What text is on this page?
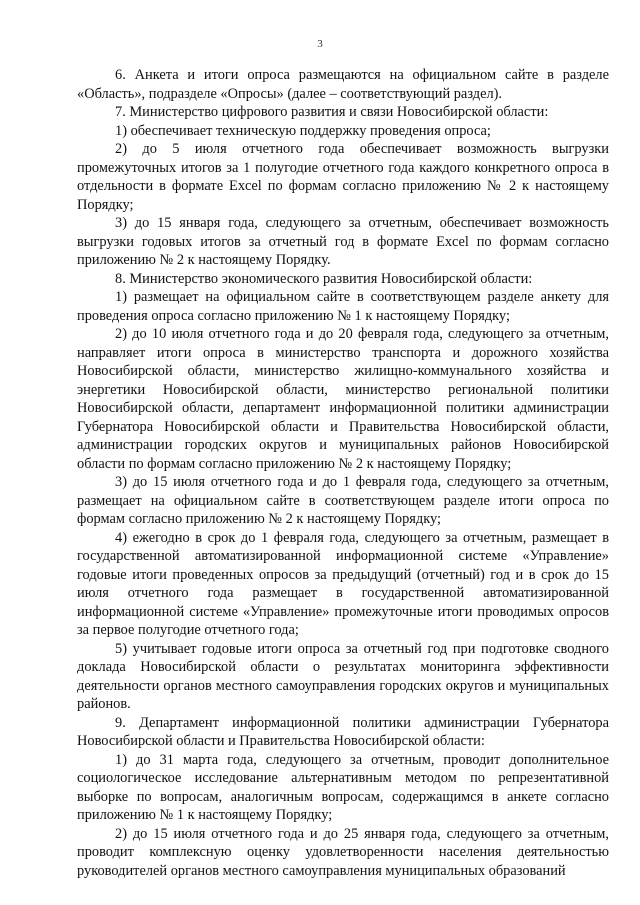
3

6. Анкета и итоги опроса размещаются на официальном сайте в разделе «Область», подразделе «Опросы» (далее – соответствующий раздел).

7. Министерство цифрового развития и связи Новосибирской области:

1) обеспечивает техническую поддержку проведения опроса;

2) до 5 июля отчетного года обеспечивает возможность выгрузки промежуточных итогов за 1 полугодие отчетного года каждого конкретного опроса в отдельности в формате Excel по формам согласно приложению № 2 к настоящему Порядку;

3) до 15 января года, следующего за отчетным, обеспечивает возможность выгрузки годовых итогов за отчетный год в формате Excel по формам согласно приложению № 2 к настоящему Порядку.

8. Министерство экономического развития Новосибирской области:

1) размещает на официальном сайте в соответствующем разделе анкету для проведения опроса согласно приложению № 1 к настоящему Порядку;

2) до 10 июля отчетного года и до 20 февраля года, следующего за отчетным, направляет итоги опроса в министерство транспорта и дорожного хозяйства Новосибирской области, министерство жилищно-коммунального хозяйства и энергетики Новосибирской области, министерство региональной политики Новосибирской области, департамент информационной политики администрации Губернатора Новосибирской области и Правительства Новосибирской области, администрации городских округов и муниципальных районов Новосибирской области по формам согласно приложению № 2 к настоящему Порядку;

3) до 15 июля отчетного года и до 1 февраля года, следующего за отчетным, размещает на официальном сайте в соответствующем разделе итоги опроса по формам согласно приложению № 2 к настоящему Порядку;

4) ежегодно в срок до 1 февраля года, следующего за отчетным, размещает в государственной автоматизированной информационной системе «Управление» годовые итоги проведенных опросов за предыдущий (отчетный) год и в срок до 15 июля отчетного года размещает в государственной автоматизированной информационной системе «Управление» промежуточные итоги проводимых опросов за первое полугодие отчетного года;

5) учитывает годовые итоги опроса за отчетный год при подготовке сводного доклада Новосибирской области о результатах мониторинга эффективности деятельности органов местного самоуправления городских округов и муниципальных районов.

9. Департамент информационной политики администрации Губернатора Новосибирской области и Правительства Новосибирской области:

1) до 31 марта года, следующего за отчетным, проводит дополнительное социологическое исследование альтернативным методом по репрезентативной выборке по вопросам, аналогичным вопросам, содержащимся в анкете согласно приложению № 1 к настоящему Порядку;

2) до 15 июля отчетного года и до 25 января года, следующего за отчетным, проводит комплексную оценку удовлетворенности населения деятельностью руководителей органов местного самоуправления муниципальных образований
